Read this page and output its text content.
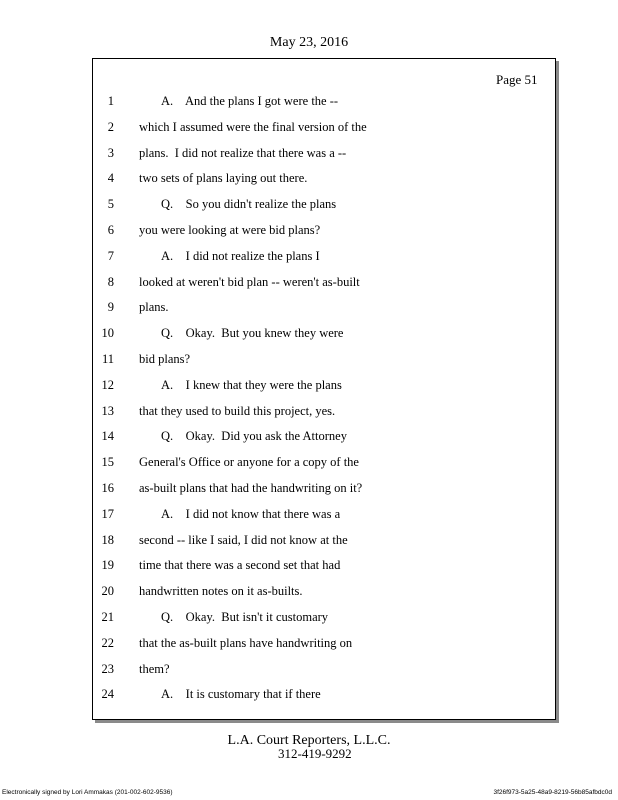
May 23, 2016
Page 51
1	A.    And the plans I got were the --
2 which I assumed were the final version of the
3 plans.  I did not realize that there was a --
4 two sets of plans laying out there.
5	Q.    So you didn't realize the plans
6 you were looking at were bid plans?
7	A.    I did not realize the plans I
8 looked at weren't bid plan -- weren't as-built
9 plans.
10	Q.    Okay.  But you knew they were
11 bid plans?
12	A.    I knew that they were the plans
13 that they used to build this project, yes.
14	Q.    Okay.  Did you ask the Attorney
15 General's Office or anyone for a copy of the
16 as-built plans that had the handwriting on it?
17	A.    I did not know that there was a
18 second -- like I said, I did not know at the
19 time that there was a second set that had
20 handwritten notes on it as-builts.
21	Q.    Okay.  But isn't it customary
22 that the as-built plans have handwriting on
23 them?
24	A.    It is customary that if there
L.A. Court Reporters, L.L.C.
312-419-9292
Electronically signed by Lori Ammakas (201-002-602-9536)	3f26f973-5a25-48a9-8219-56b85afbdc0d
